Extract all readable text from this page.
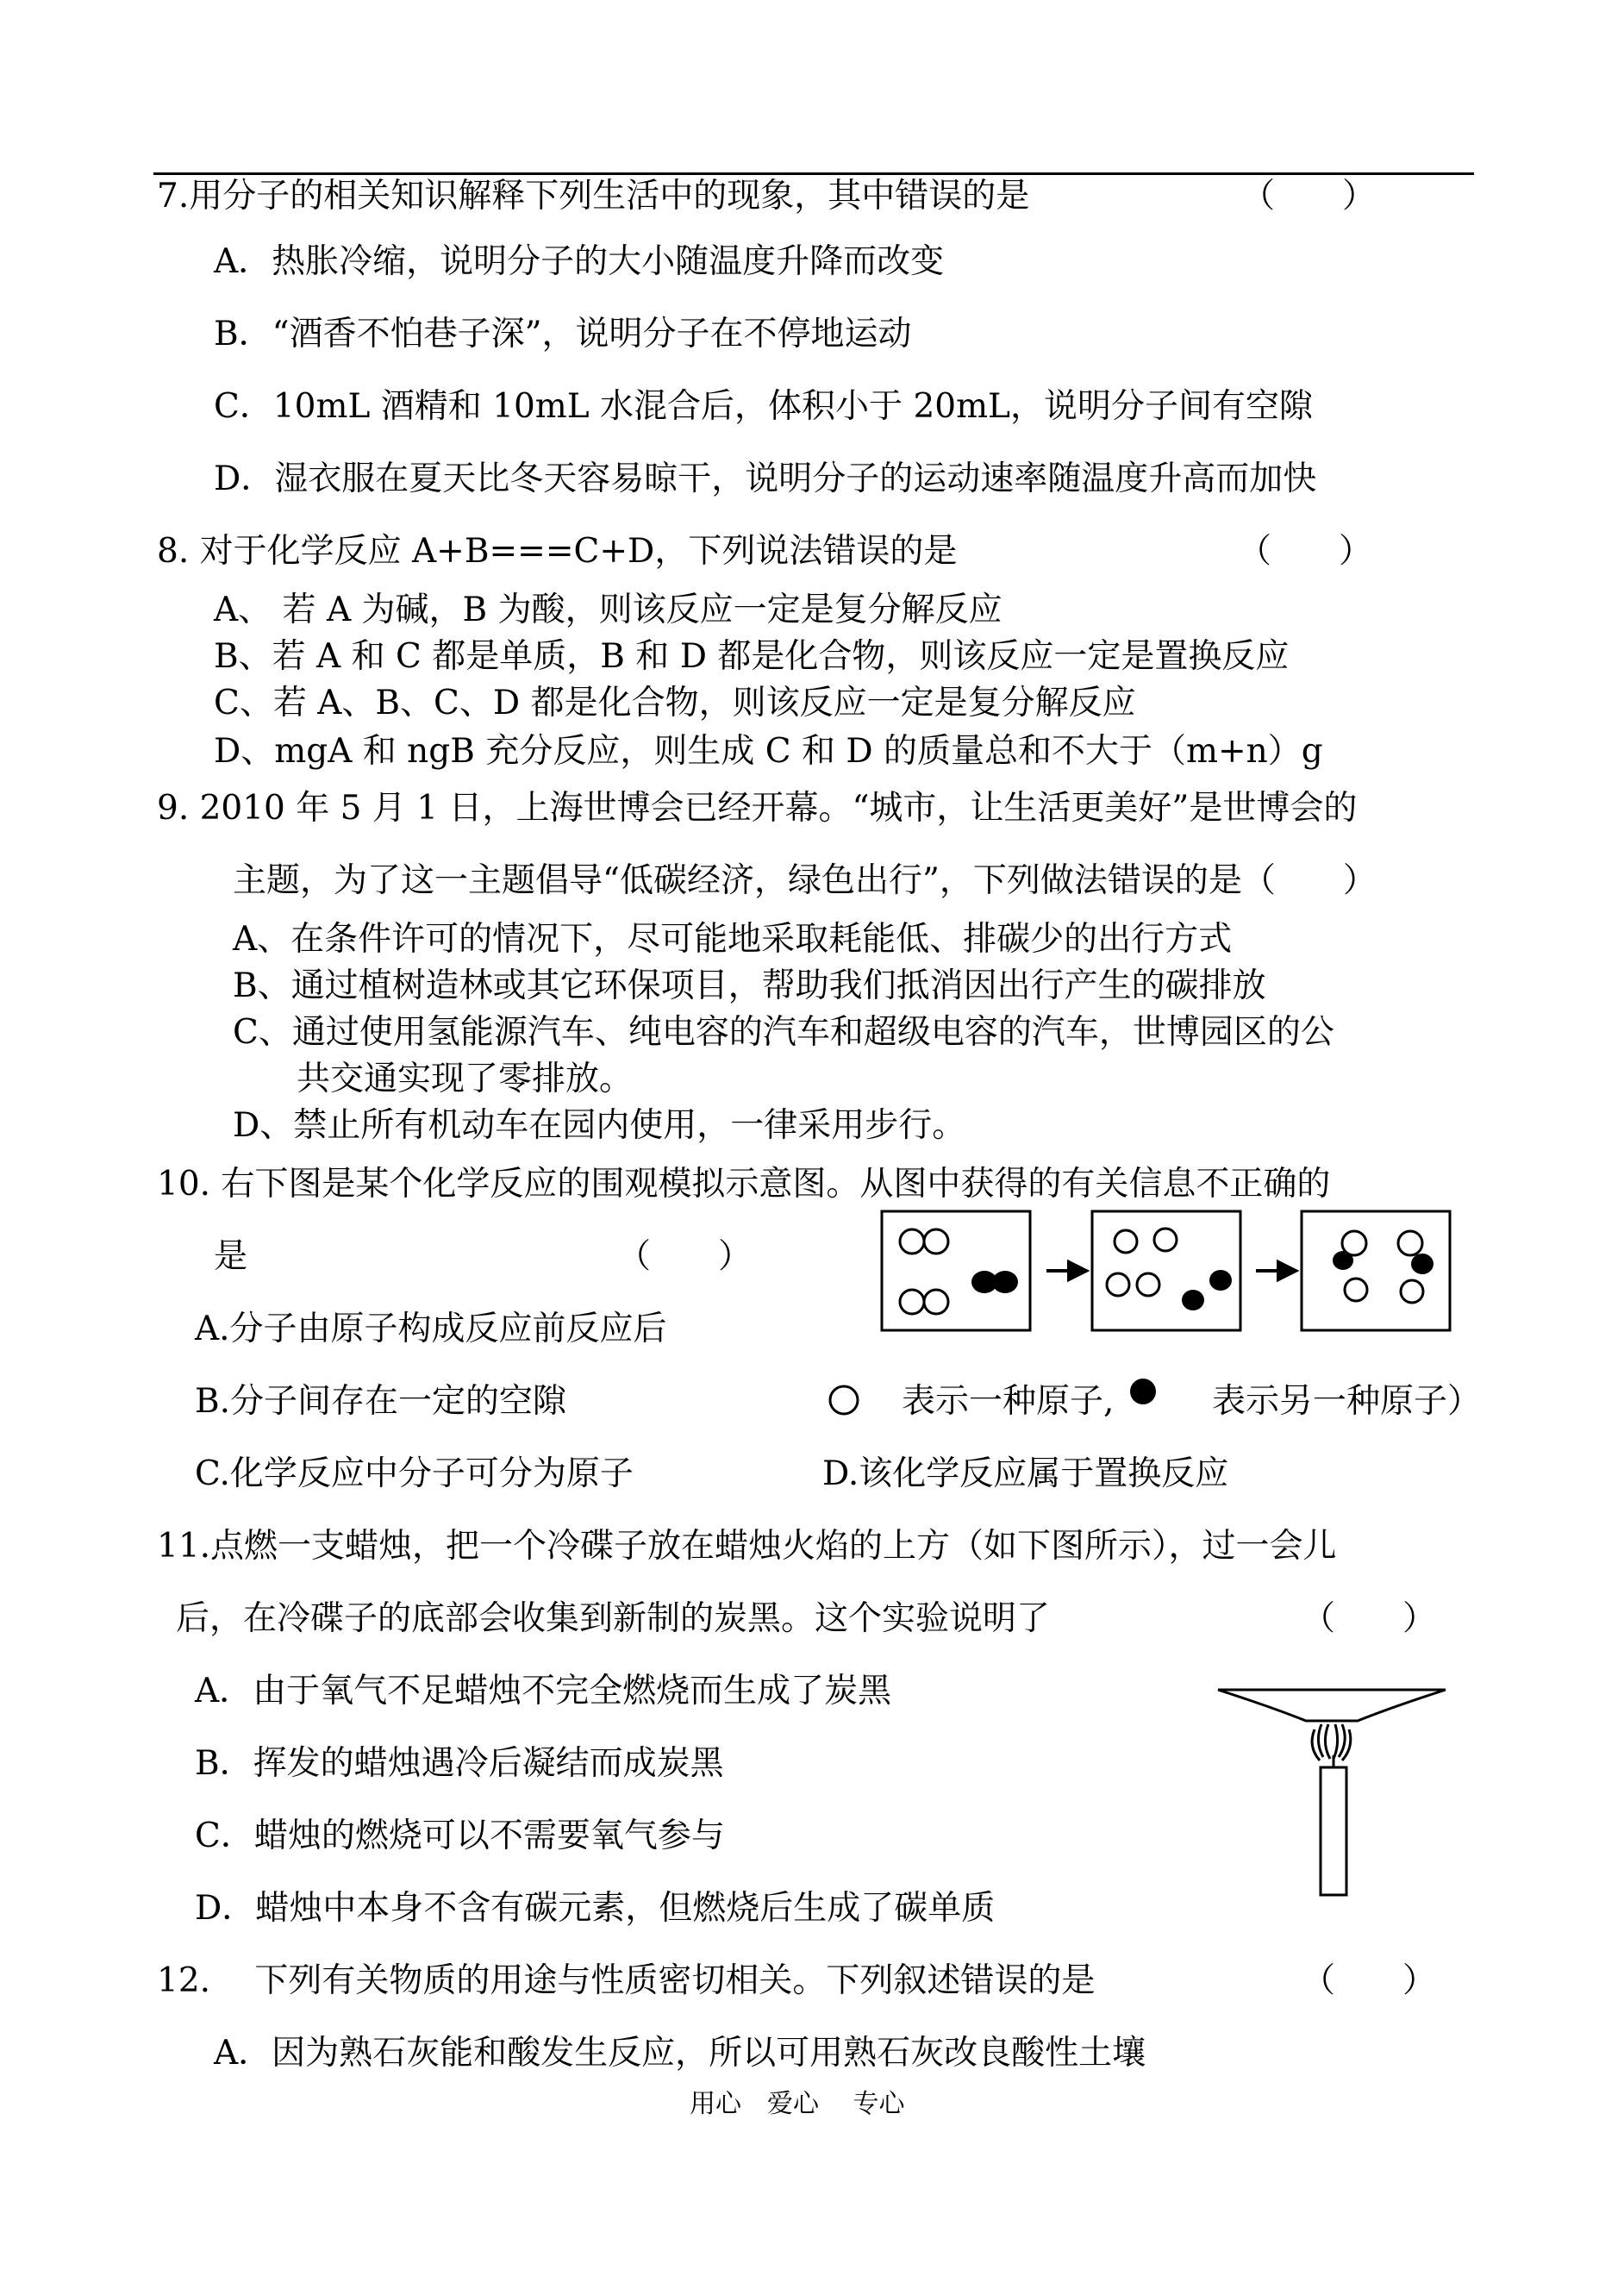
7.用分子的相关知识解释下列生活中的现象，其中错误的是	（　　）
A．热胀冷缩，说明分子的大小随温度升降而改变
B．“酒香不怕巷子深”，说明分子在不停地运动
C．10mL 酒精和 10mL 水混合后，体积小于 20mL，说明分子间有空隙
D．湿衣服在夏天比冬天容易晾干，说明分子的运动速率随温度升高而加快
8. 对于化学反应 A+B===C+D，下列说法错误的是	（　　）
A、 若 A 为碱，B 为酸，则该反应一定是复分解反应
B、若 A 和 C 都是单质，B 和 D 都是化合物，则该反应一定是置换反应
C、若 A、B、C、D 都是化合物，则该反应一定是复分解反应
D、mgA 和 ngB 充分反应，则生成 C 和 D 的质量总和不大于（m+n）g
9. 2010 年 5 月 1 日，上海世博会已经开幕。“城市，让生活更美好”是世博会的
主题，为了这一主题倡导“低碳经济，绿色出行”，下列做法错误的是（　　）
A、在条件许可的情况下，尽可能地采取耗能低、排碳少的出行方式
B、通过植树造林或其它环保项目，帮助我们抵消因出行产生的碳排放
C、通过使用氢能源汽车、纯电容的汽车和超级电容的汽车，世博园区的公
共交通实现了零排放。
D、禁止所有机动车在园内使用，一律采用步行。
10. 右下图是某个化学反应的围观模拟示意图。从图中获得的有关信息不正确的
是	（　　）
A.分子由原子构成反应前反应后
B.分子间存在一定的空隙
C.化学反应中分子可分为原子	D.该化学反应属于置换反应
表示一种原子,	表示另一种原子）
11.点燃一支蜡烛，把一个冷碟子放在蜡烛火焰的上方（如下图所示），过一会儿
后，在冷碟子的底部会收集到新制的炭黑。这个实验说明了	（　　）
A．由于氧气不足蜡烛不完全燃烧而生成了炭黑
B．挥发的蜡烛遇冷后凝结而成炭黑
C．蜡烛的燃烧可以不需要氧气参与
D．蜡烛中本身不含有碳元素，但燃烧后生成了碳单质
12.　 下列有关物质的用途与性质密切相关。下列叙述错误的是	（　　）
A．因为熟石灰能和酸发生反应，所以可用熟石灰改良酸性土壤
用心　爱心　 专心
